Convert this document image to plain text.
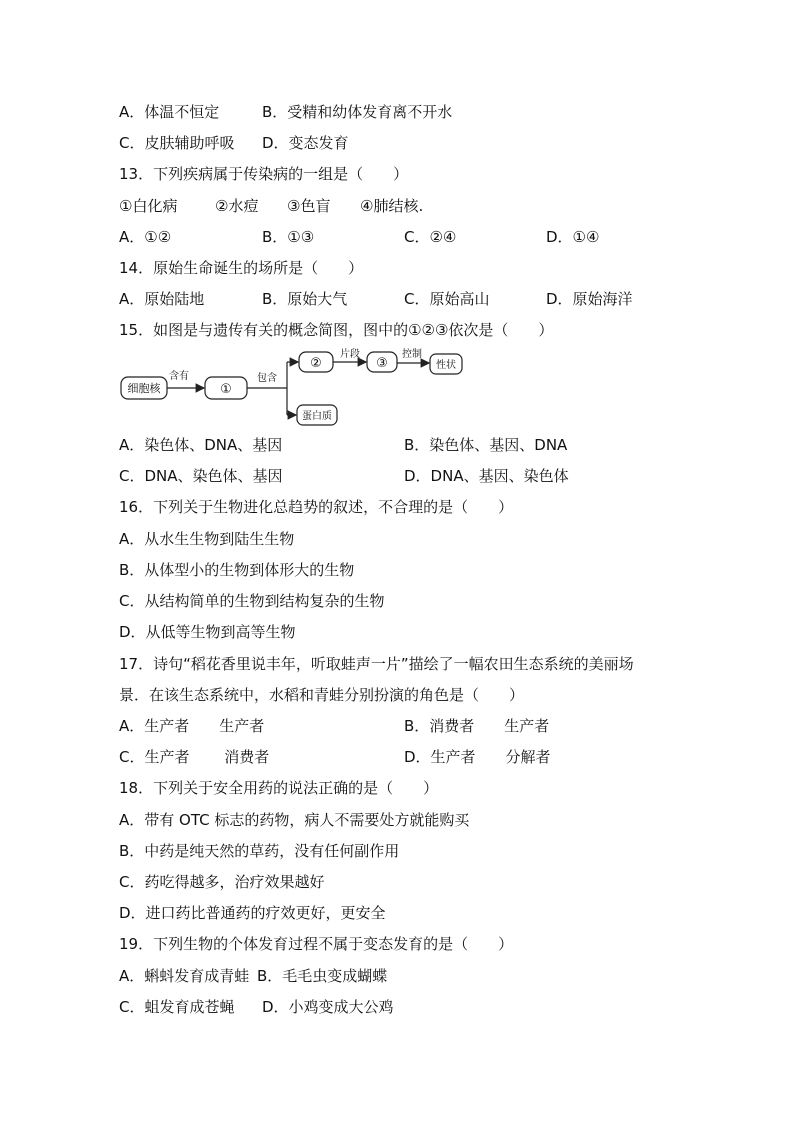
A．体温不恒定	B．受精和幼体发育离不开水
C．皮肤辅助呼吸 D．变态发育
13．下列疾病属于传染病的一组是（　　）
①白化病	②水痘 ③色盲 ④肺结核.
A．①②	B．①③	C．②④	D．①④
14．原始生命诞生的场所是（　　）
A．原始陆地	B．原始大气	C．原始高山	D．原始海洋
15．如图是与遗传有关的概念简图，图中的①②③依次是（　　）
细胞核
含有
①
包含
②
片段
③
控制
性状
蛋白质
A．染色体、DNA、基因	B．染色体、基因、DNA
C．DNA、染色体、基因	D．DNA、基因、染色体
16．下列关于生物进化总趋势的叙述，不合理的是（　　）
A．从水生生物到陆生生物
B．从体型小的生物到体形大的生物
C．从结构简单的生物到结构复杂的生物
D．从低等生物到高等生物
17．诗句“稻花香里说丰年，听取蛙声一片”描绘了一幅农田生态系统的美丽场
景．在该生态系统中，水稻和青蛙分别扮演的角色是（　　）
A．生产者　　生产者	B．消费者　　生产者
C．生产者　　 消费者	D．生产者　　分解者
18．下列关于安全用药的说法正确的是（　　）
A．带有 OTC 标志的药物，病人不需要处方就能购买
B．中药是纯天然的草药，没有任何副作用
C．药吃得越多，治疗效果越好
D．进口药比普通药的疗效更好，更安全
19．下列生物的个体发育过程不属于变态发育的是（　　）
A．蝌蚪发育成青蛙 B．毛毛虫变成蝴蝶
C．蛆发育成苍蝇 D．小鸡变成大公鸡
